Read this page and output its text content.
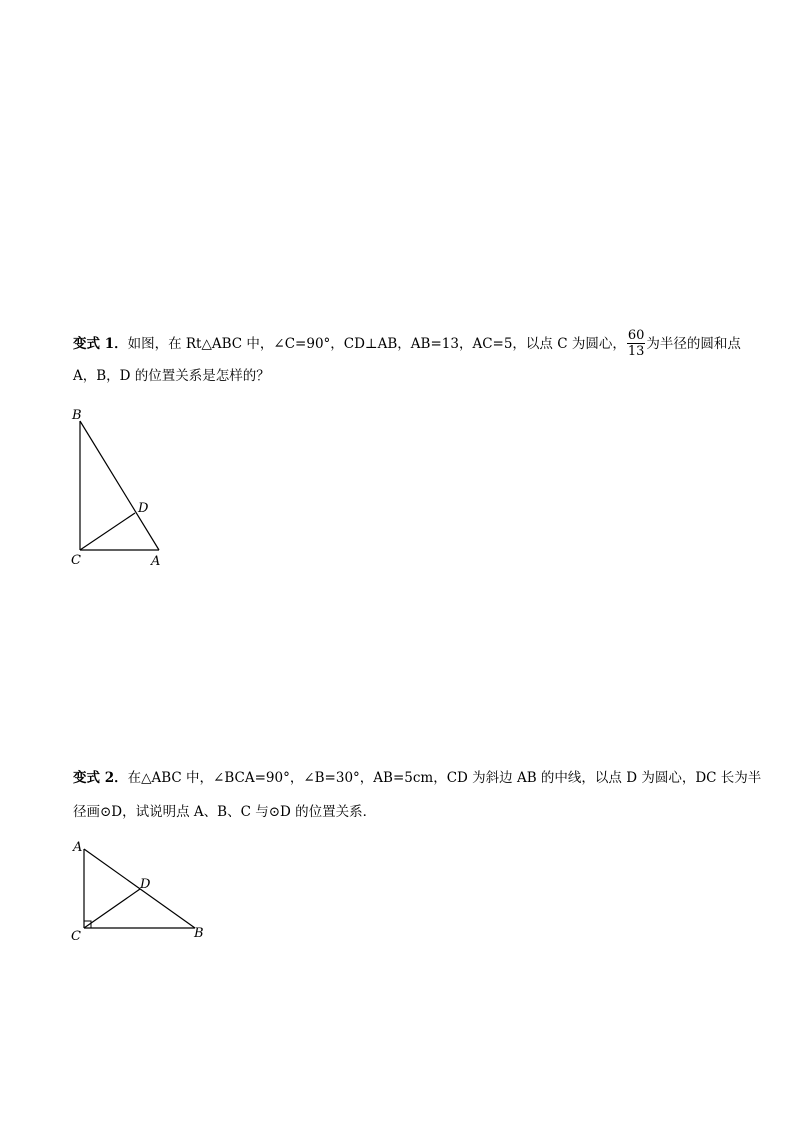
变式 1．如图，在 Rt△ABC 中，∠C=90°，CD⊥AB，AB=13，AC=5，以点 C 为圆心， $\frac{60}{13}$ 为半径的圆和点
A，B，D 的位置关系是怎样的？
B
D
C	A
A
D
C	B
变式 2．在△ABC 中，∠BCA=90°，∠B=30°，AB=5cm，CD 为斜边 AB 的中线，以点 D 为圆心，DC 长为半
径画⊙D，试说明点 A、B、C 与⊙D 的位置关系．
